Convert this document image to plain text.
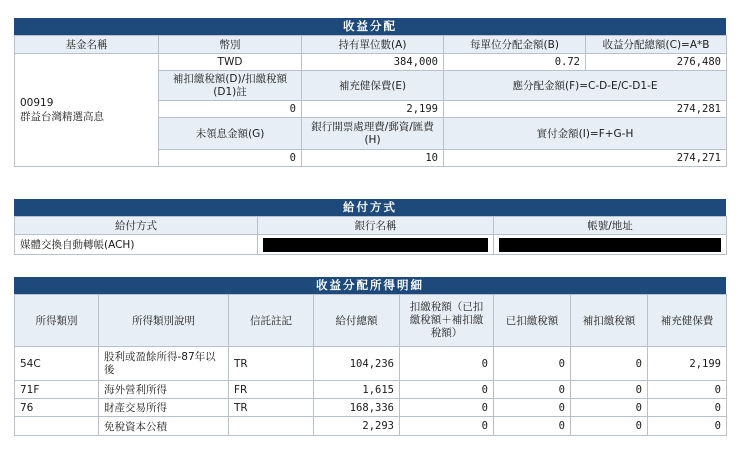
收益分配
基金名稱	幣別	持有單位數(A)	每單位分配金額(B)	收益分配總額(C)=A*B

00919
群益台灣精選高息	TWD	384,000	0.72	276,480
	補扣繳稅額(D)/扣繳稅額(D1)註	補充健保費(E)	應分配金額(F)=C-D-E/C-D1-E	
	0	2,199	274,281	
	未領息金額(G)	銀行開票處理費/郵資/匯費(H)	實付金額(I)=F+G-H	
	0	10	274,271	
給付方式
給付方式	銀行名稱	帳號/地址
媒體交換自動轉帳(ACH)	

收益分配所得明細
所得類別	所得類別說明	信託註記	給付總額	扣繳稅額（已扣繳稅額＋補扣繳稅額）	已扣繳稅額	補扣繳稅額	補充健保費
54C	股利或盈餘所得-87年以後	TR	104,236	0	0	0	2,199
71F	海外營利所得	FR	1,615	0	0	0	0
76	財產交易所得	TR	168,336	0	0	0	0
	免稅資本公積		2,293	0	0	0	0
